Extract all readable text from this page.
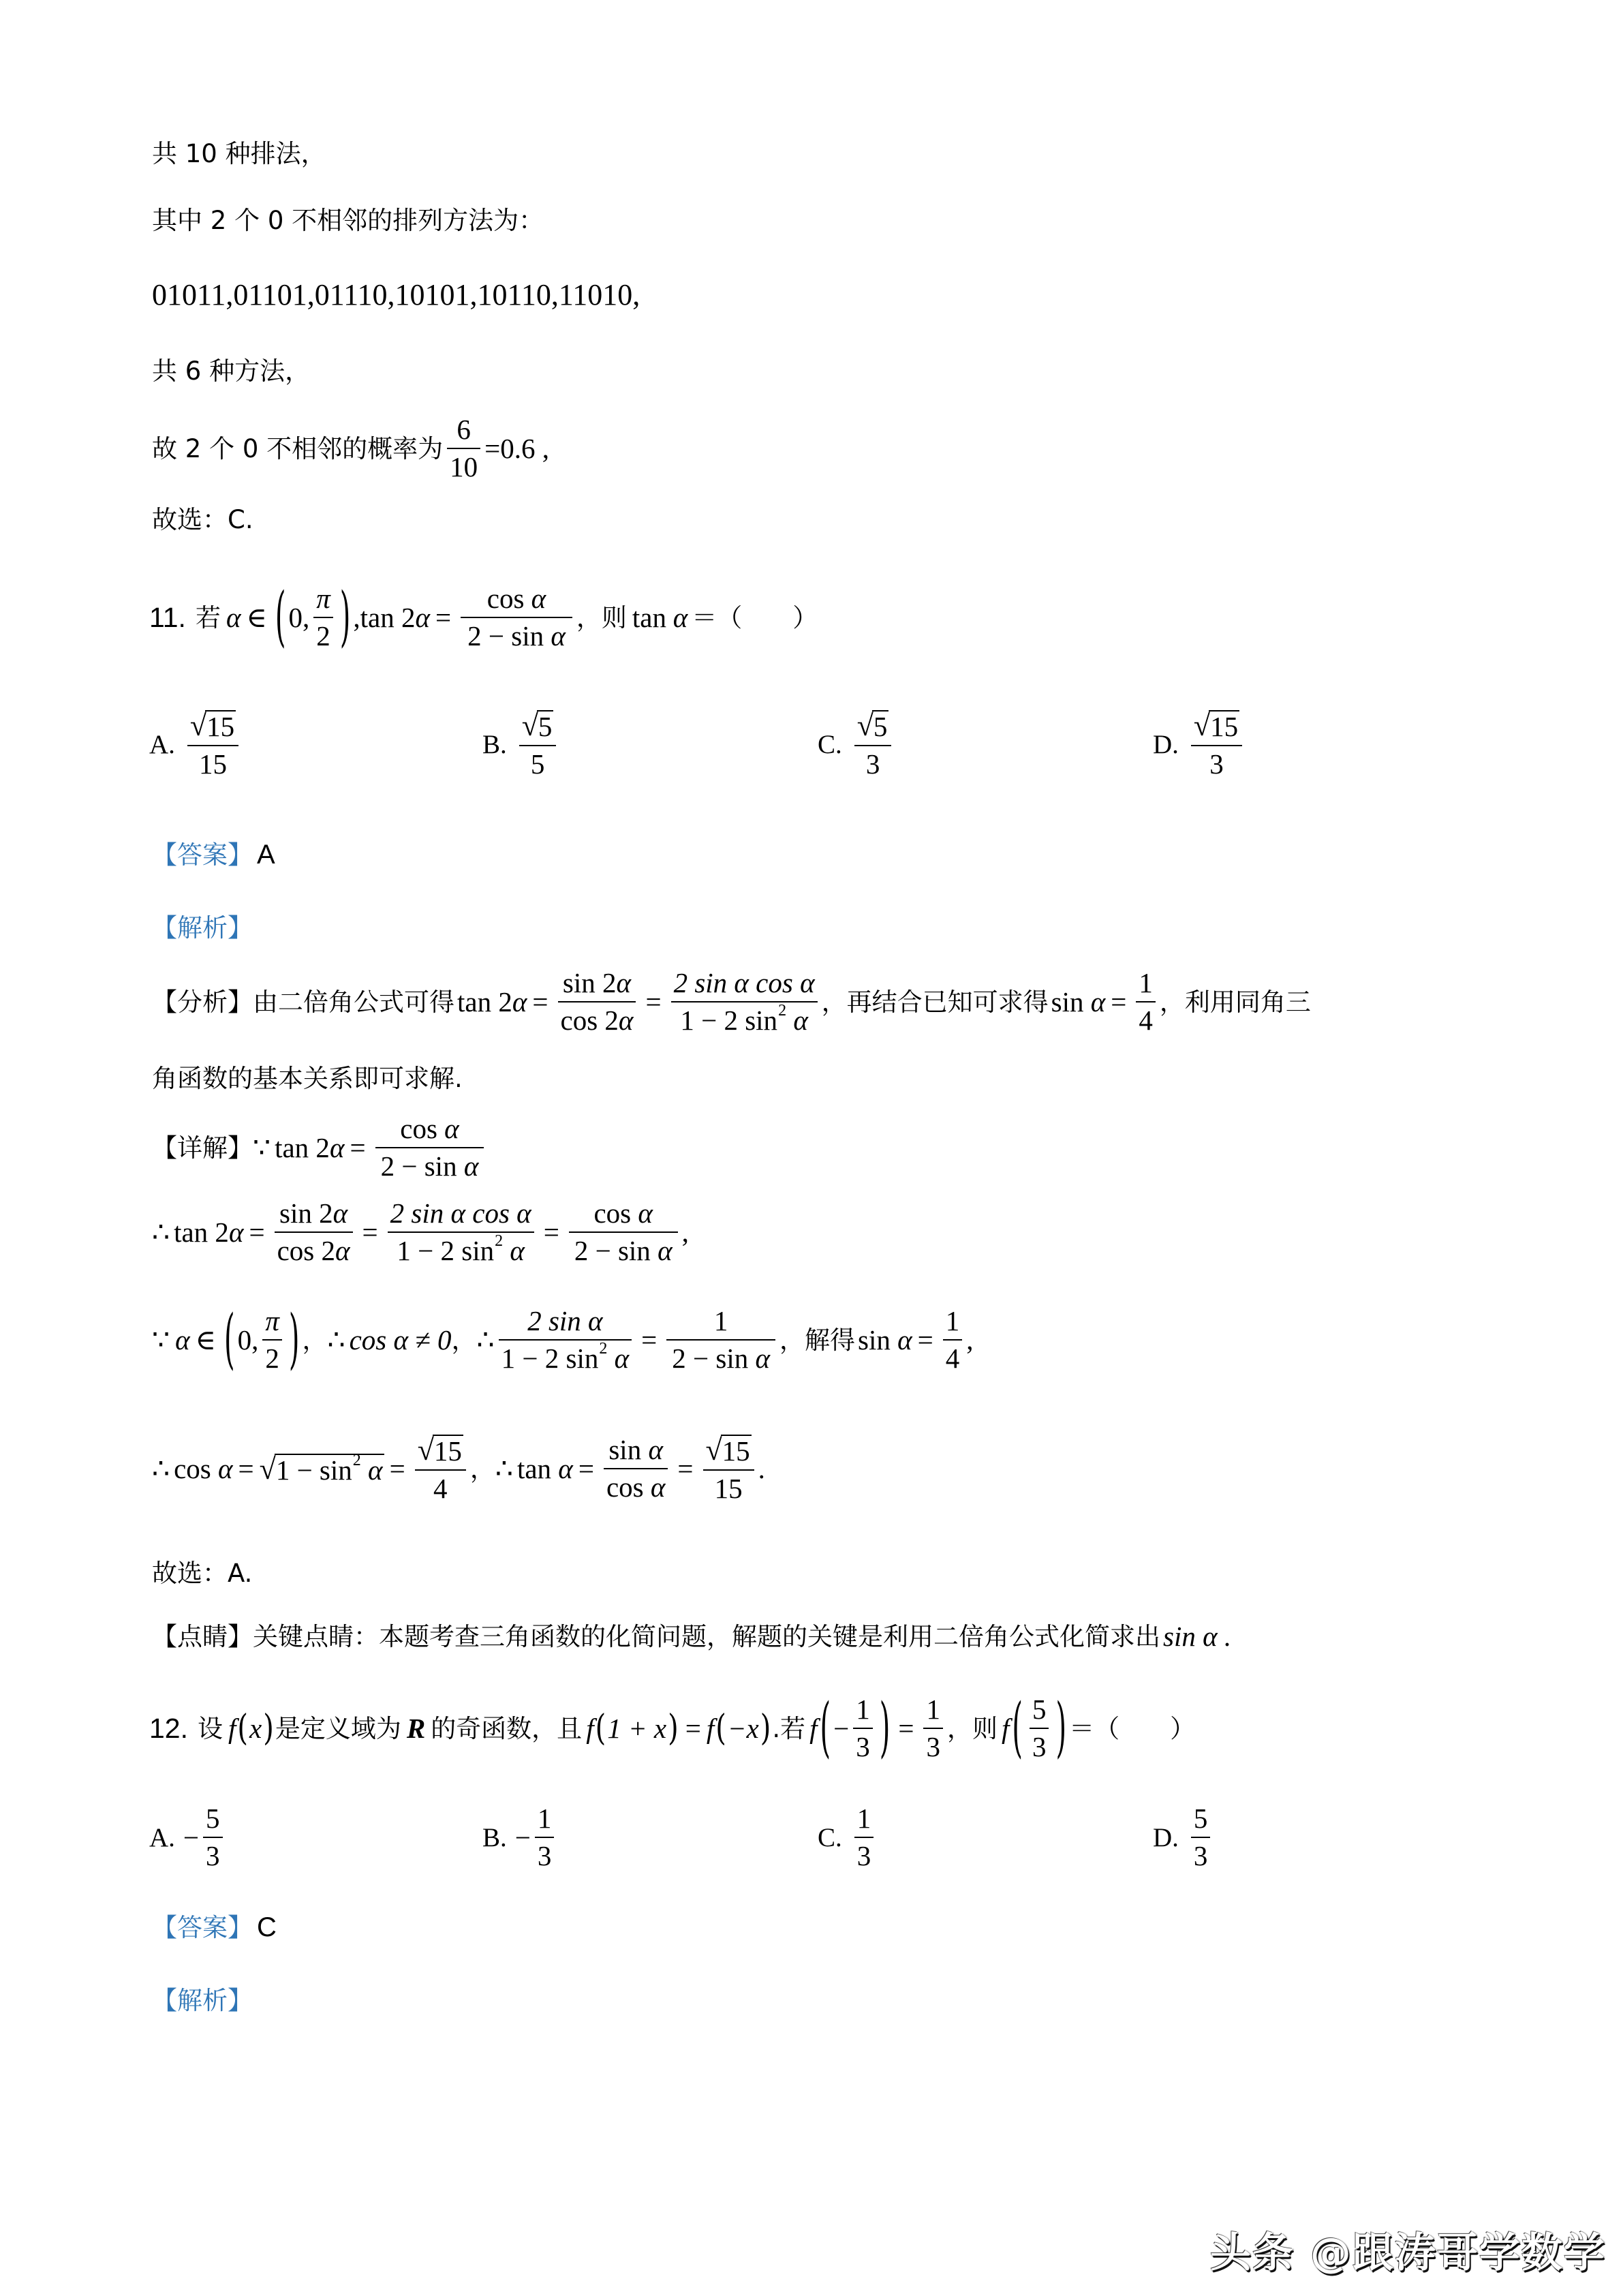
共 10 种排法，
其中 2 个 0 不相邻的排列方法为：
01011,01101,01110,10101,10110,11010 ,
共 6 种方法，
故 2 个 0 不相邻的概率为 $\frac{6}{10} =0.6$ ,
故选：C.
11. 若 α ∈ ( 0, $\frac{\pi}{2}$ ) , tan 2 $\alpha = \frac{\text{cos α}}{\text{2 − sin α}}$ ，则 tan
α ＝（　　）
A. $\frac{√ 15}{15}$	B. $\frac{√ 5}{5}$	C. $\frac{√ 5}{3}$	D. $\frac{√ 15}{3}$
【答案】 A
【解析】
【分析】 由二倍角公式可得 tan 2 $\alpha = \frac{\sin 2\alpha}{\cos 2\alpha} = \frac{\text{2 sin α cos α}}{1 - 2 \sin^2 \alpha}$ ，再结合已知可求得 $\sin \alpha = \frac{1}{4}$ ，利用同角三
角函数的基本关系即可求解.
【详解】 ∵ tan 2 $\alpha = \frac{\text{cos α}}{\text{2 − sin α}}$
∴ tan 2 $\alpha = \frac{\sin 2\alpha}{\cos 2\alpha} = \frac{\text{2 sin α cos α}}{1 - 2 \sin^2 \alpha} = \frac{\text{cos α}}{\text{2 − sin α}}$ ,
∵ α ∈ ( 0, $\frac{\pi}{2}$ ) ， ∴ cos α ≠ 0 ， ∴ $\frac{\text{2 sin α}}{1 - 2 \sin^2 \alpha} = \frac{1}{\text{2 − sin α}}$ ，解得 $\sin \alpha = \frac{1}{4}$ ,
∴ cos α = √ $1 - \sin^2 \alpha = \frac{√ 15}{4}$ ， ∴ $\tan \alpha = \frac{\text{sin α}}{\text{cos α}} = \frac{√ 15}{15}$ .
故选：A.
【点睛】 关键点睛：本题考查三角函数的化简问题，解题的关键是利用二倍角公式化简求出 sin α .
12. 设 f ( x ) 是定义域为 R 的奇函数，且 f ( 1 + x ) = f ( −x ) .若 f ( − $\frac{1}{3}$ ) = $\frac{1}{3}$ ，则 f ( $\frac{5}{3}$ ) ＝（　　）
A. − $\frac{5}{3}$	B. − $\frac{1}{3}$	C. $\frac{1}{3}$	D. $\frac{5}{3}$
【答案】 C
【解析】
头条 @跟涛哥学数学
